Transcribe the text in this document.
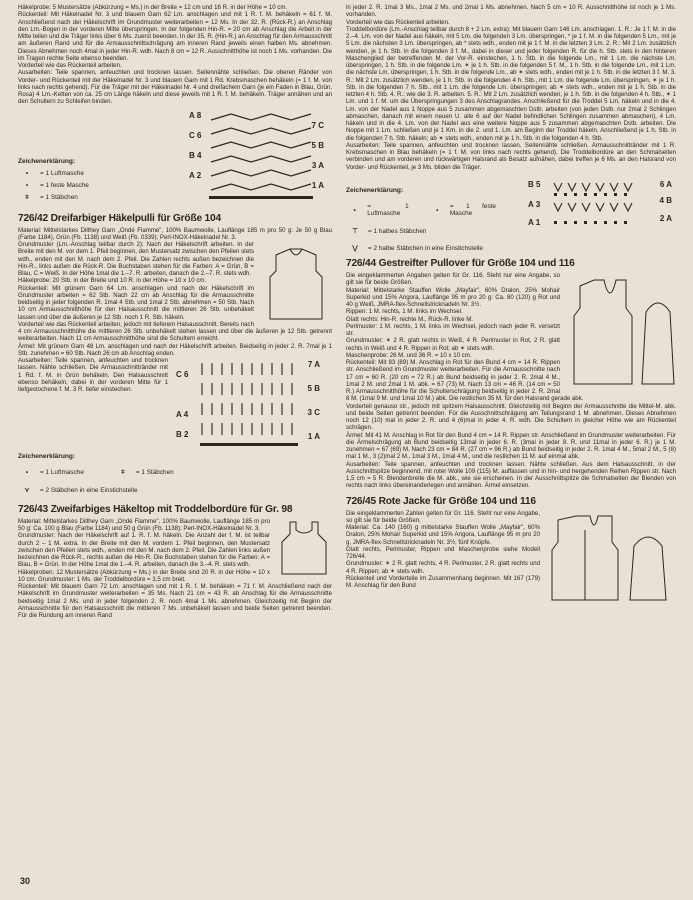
Häkelprobe: 5 Mustersätze (Abkürzung = Ms.) in der Breite = 12 cm und 16 R. in der Höhe = 10 cm.

Rückenteil: Mit Häkelnadel Nr. 3 und blauem Garn 62 Lm. anschlagen und mit 1 R. f. M. behäkeln = 61 f. M. Anschließend nach der Häkelschrift im Grundmuster weiterarbeiten = 12 Ms. In der 32. R. (Rück-R.) an Anschlag den Lm.-Bogen in der vorderen Mitte überspringen. In der folgenden Hin-R. = 20 cm ab Anschlag die Arbeit in der Mitte teilen und die Träger links über 6 Ms. zuerst beenden. In der 35. R. (Hin-R.) an Anschlag für den Armausschnitt am äußeren Rand und für die Armausschnittschrägung am inneren Rand jeweils einen halben Ms. abnehmen. Dieses Abnehmen noch 4mal in jeder Hin-R. wdh. Nach 8 cm = 12 R. Ausschnitthöhe ist noch 1 Ms. vorhanden. Die im Tragen rechte Seite ebenso beenden.

Vorderteil wie das Rückenteil arbeiten.

Ausarbeiten: Teile spannen, anfeuchten und trocknen lassen. Seitennähte schließen. Die oberen Ränder von Vorder- und Rückenteil mit der Häkelnadel Nr. 3 und blauem Garn mit 1 Rd. Krebsmaschen behäkeln (= 1 f. M. von links nach rechts gehend). Für die Träger mit der Häkelnadel Nr. 4 und dreifachem Garn (je ein Faden in Blau, Grün, Rosa) 4 Lm.-Ketten von ca. 25 cm Länge häkeln und diese jeweils mit 1 R. f. M. behäkeln. Träger annähen und an den Schultern zu Schleifen binden.

Zeichenerklärung:
•	= 1 Luftmasche
▪	= 1 feste Masche
ǂ	= 1 Stäbchen
A 8
C 6
B 4
A 2
7 C
5 B
3 A
1 A
726/42 Dreifarbiger Häkelpulli für Größe 104

Material: Mittelstarkes Dilthey Garn „Ondé Flamme", 100% Baumwolle, Lauflänge 185 m pro 50 g: Je 50 g Blau (Farbe 1184), Grün (Fb. 1138) und Weiß (Fb. 0339); Perl-INOX-Häkelnadel Nr. 3.

Grundmuster (Lm.-Anschlag teilbar durch 2): Nach der Häkelschrift arbeiten. In der Breite mit den M. vor dem 1. Pfeil beginnen, den Mustersatz zwischen den Pfeilen stets wdh., enden mit den M. nach dem 2. Pfeil. Die Zahlen rechts außen bezeichnen die Hin-R., links außen die Rück-R. Die Buchstaben stehen für die Farben: A = Grün, B = Blau, C = Weiß. In der Höhe 1mal die 1.–7. R. arbeiten, danach die 2.–7. R. stets wdh.

Häkelprobe: 20 Stb. in der Breite und 10 R. in der Höhe = 10 x 10 cm.

Rückenteil: Mit grünem Garn 64 Lm. anschlagen und nach der Häkelschrift im Grundmuster arbeiten = 62 Stb. Nach 22 cm ab Anschlag für die Armausschnitte beidseitig in jeder folgenden R. 1mal 4 Stb. und 1mal 2 Stb. abnehmen = 50 Stb. Nach 10 cm Armausschnitthöhe für den Halsausschnitt die mittleren 26 Stb. unbehäkelt lassen und über die äußeren je 12 Stb. noch 1 R. Stb. häkeln.

Vorderteil wie das Rückenteil arbeiten, jedoch mit tieferem Halsausschnitt. Bereits nach 4 cm Armausschnitthöhe die mittleren 26 Stb. unbehäkelt stehen lassen und über die äußeren je 12 Stb. getrennt weiterarbeiten. Nach 11 cm Armausschnitthöhe sind die Schultern erreicht.

Ärmel: Mit grünem Garn 48 Lm. anschlagen und nach der Häkelschrift arbeiten. Beidseitig in jeder 2. R. 7mal je 1 Stb. zunehmen = 60 Stb. Nach 26 cm ab Anschlag enden.

Ausarbeiten: Teile spannen, anfeuchten und trocknen lassen. Nähte schließen. Die Armausschnittränder mit 1 Rd. f. M. in Grün behäkeln. Den Halsausschnitt ebenso behäkeln, dabei in der vorderen Mitte für 1 tiefgestochene f. M. 3 R. tiefer einstechen.

C 6
A 4
B 2
7 A
5 B
3 C
1 A
Zeichenerklärung:
•	= 1 Luftmasche	ǂ	= 1 Stäbchen
⋎	= 2 Stäbchen in eine Einstichstelle
726/43 Zweifarbiges Häkeltop mit Troddelbordüre für Gr. 98

Material: Mittelstarkes Dilthey Garn „Ondé Flamme", 100% Baumwolle, Lauflänge 185 m pro 50 g: Ca. 100 g Blau (Farbe 1184) und 50 g Grün (Fb. 1138); Perl-INOX-Häkelnadel Nr. 3.

Grundmuster: Nach der Häkelschrift auf 1. R. f. M. häkeln. Die Anzahl der f. M. ist teilbar durch 2 – 1 M. extra. In der Breite mit den M. vordem 1. Pfeil beginnen, den Mustersatz zwischen den Pfeilen stets wdh., enden mit den M. nach dem 2. Pfeil. Die Zahlen links außen bezeichnen die Rück-R., rechts außen die Hin-R. Die Buchstaben stehen für die Farben: A = Blau, B = Grün. In der Höhe 1mal die 1.–4. R. arbeiten, danach die 3.–4. R. stets wdh.

Häkelproben: 12 Mustersätze (Abkürzung = Ms.) in der Breite sind 20 R. in der Höhe = 10 x 10 cm. Grundmuster: 1 Ms. der Troddelbordüre = 3,5 cm breit.

Rückenteil: Mit blauem Garn 72 Lm. anschlagen und mit 1 R. f. M. behäkeln = 71 f. M. Anschließend nach der Häkelschrift im Grundmuster weiterarbeiten = 35 Ms. Nach 21 cm = 43 R. ab Anschlag für die Armausschnitte beidseitig 1mal 2 Ms. und in jeder folgenden 2. R. noch 4mal 1 Ms. abnehmen. Gleichzeitig mit Beginn der Armausschnitte für den Halsausschnitt die mittleren 7 Ms. unbehäkelt lassen und beide Seiten getrennt beenden. Für die Rundung am inneren Rand

in jeder 2. R. 1mal 3 Ms., 1mal 2 Ms. und 2mal 1 Ms. abnehmen. Nach 5 cm = 10 R. Ausschnitthöhe ist noch je 1 Ms. vorhanden.

Vorderteil wie das Rückenteil arbeiten.

Troddelbordüre (Lm.-Anschlag teilbar durch 8 + 2 Lm. extra): Mit blauem Garn 146 Lm. anschlagen. 1. R.: Je 1 f. M. in die 2.–4. Lm. von der Nadel aus häkeln, mit 5 Lm. die folgenden 3 Lm. überspringen, * je 1 f. M. in die folgenden 5 Lm., mit je 5 Lm. die nächsten 3 Lm. überspringen, ab * stets wdh., enden mit je 1 f. M. in die letzten 3 Lm. 2. R.: Mit 2 Lm. zusätzlich wenden, je 1 h. Stb. in die folgenden 3 f. M., dabei in dieser und jeder folgenden R. für die h. Stb. stets in den hinteren Maschenglied der betreffenden M. der Vor-R. einstechen, 1 h. Stb. in die folgende Lm., mit 1 Lm. die nächste Lm. überspringen, 1 h. Stb. in die folgende Lm. ✶ je 1 h. Stb. in die folgenden 5 f. M., 1 h. Stb. in die folgende Lm., mit 1 Lm. die nächste Lm. überspringen, 1 h. Stb. in die folgende Lm., ab ✶ stets wdh., enden mit je 1 h. Stb. in die letzten 3 f. M. 3. R.: Mit 2 Lm. zusätzlich wenden, je 1 h. Stb. in die folgenden 4 h. Stb., mit 1 Lm. die folgende Lm. überspringen, ✶ je 1 h. Stb. in die folgenden 7 h. Stb., mit 1 Lm. die folgende Lm. überspringen; ab ✶ stets wdh., enden mit je 1 h. Stb. in die letzten 4 h. Stb. 4. R.: wie die 3. R. arbeiten. 5. R.: Mit 2 Lm. zusätzlich wenden, je 1 h. Stb. in die folgenden 4 h. Stb., ✶ 1 Lm. und 1 f. M. um die Überspringungen 3 des Anschlagrandes. Anschließend für die Troddel 5 Lm. häkeln und in die 4. Lm. von der Nadel aus 1 Noppe aus 5 zusammen abgemaschten Dstb. arbeiten (von jeden Dstb. nur 2mal 2 Schlingen abmaschen, danach mit einem neuen U. alle 6 auf der Nadel befindlichen Schlingen zusammen abmaschen), 4 Lm. häkeln und in die 4. Lm. von der Nadel aus eine weitere Noppe aus 5 zusammen abgemaschten Dstb. arbeiten. Die Noppe mit 1 Lm. schließen und je 1 Km. in die 2. und 1. Lm. am Beginn der Troddel häkeln. Anschließend je 1 h. Stb. in die folgenden 7 h. Stb. häkeln; ab ✶ stets wdh., enden mit je 1 h. Stb. in die folgenden 4 h. Stb.

Ausarbeiten: Teile spannen, anfeuchten und trocknen lassen. Seitennähte schließen. Armausschnittränder mit 1 R. Krebsmaschen in Blau behäkeln (= 1 f. M. von links nach rechts gehend). Die Troddelbordüre an den Schmalseiten verbinden und am vorderen und rückwärtigen Halsrand als Besatz aufnähen, dabei treffen je 6 Ms. an den Halsrand von Vorder- und Rückenteil, je 3 Ms. bilden die Träger.

Zeichenerklärung:
•
= 1 Luftmasche
▪
= 1 feste Masche
⊤	= 1 halbes Stäbchen
B 5
A 3
A 1
6 A
4 B
2 A
⋁	= 2 halbe Stäbchen in eine Einstichstelle
726/44 Gestreifter Pullover für Größe 104 und 116

Die eingeklammerten Angaben gelten für Gr. 116. Steht nur eine Angabe, so gilt sie für beide Größen.

Material: Mittelstarke Stauffen Wolle „Mayfair", 60% Dralon, 25% Mohair Superkid und 15% Angora, Lauflänge 95 m pro 20 g: Ca. 80 (120) g Rot und 40 g Weiß, JMRA-flex-Schnellstricknadeln Nr. 3½.

Rippen: 1 M. rechts, 1 M. links im Wechsel.

Glatt rechts: Hin-R. rechte M., Rück-R. linke M.

Perlmuster: 1 M. rechts, 1 M. links im Wechsel, jedoch nach jeder R. versetzt str.

Grundmuster: ✶ 2 R. glatt rechts in Weiß, 4 R. Perlmuster in Rot, 2 R. glatt rechts in Weiß und 4 R. Rippen in Rot; ab ✶ stets wdh.

Maschenprobe: 26 M. und 36 R. = 10 x 10 cm.

Rückenteil: Mit 83 (89) M. Anschlag in Rot für den Bund 4 cm = 14 R. Rippen str. Anschließend im Grundmuster weiterarbeiten. Für die Armausschnitte nach 17 cm = 60 R. (20 cm = 72 R.) ab Bund beidseitig in jeder 2. R. 2mal 4 M., 1mal 2 M. und 2mal 1 M. abk. = 67 (73) M. Nach 13 cm = 46 R. (14 cm = 50 R.) Armausschnitthöhe für die Schulterschrägung beidseitig in jeder 2. R. 2mal 8 M. (1mal 9 M. und 1mal 10 M.) abk. Die restlichen 35 M. für den Halsrand gerade abk.

Vorderteil genauso str., jedoch mit spitzem Halsausschnitt. Gleichzeitig mit Beginn der Armausschnitte die Mittel-M. abk. und beide Seiten getrennt beenden. Für die Ausschnittschrägung am Teilungsrand 1 M. abnehmen. Dieses Abnehmen noch 12 (10) mal in jeder 2. R. und 4 (6)mal in jeder 4. R. wdh. Die Schultern in gleicher Höhe wie am Rückenteil schrägen.

Ärmel: Mit 41 M. Anschlag in Rot für den Bund 4 cm = 14 R. Rippen str. Anschließend im Grundmuster weiterarbeiten. Für die Ärmelschrägung ab Bund beidseitig 13mal in jeder 6. R. (3mal in jeder 8. R. und 11mal in jeder 6. R.) je 1 M. zunehmen = 67 (69) M. Nach 23 cm = 84 R. (27 cm = 96 R.) ab Bund beidseitig in jeder 2. R. 1mal 4 M., 5mal 2 M., 5 (8) mal 1 M., 3 (2)mal 2 M., 1mal 3 M., 1mal 4 M., und die restlichen 11 M. auf einmal abk.

Ausarbeiten: Teile spannen, anfeuchten und trocknen lassen. Nähte schließen. Aus dem Halsausschnitt, in der Ausschnittspitze beginnend, mit roter Wolle 109 (115) M. auffassen und in hin- und hergehenden Reihen Rippen str. Nach 1,5 cm = 5 R. Blendenbreite die M. abk., wie sie erscheinen. In der Ausschnittspitze die Schmalseiten der Blenden von rechts nach links übereinanderlegen und annähen. Ärmel einsetzen.

726/45 Rote Jacke für Größe 104 und 116

Die eingeklammerten Zahlen gelten für Gr. 116. Steht nur eine Angabe, so gilt sie für beide Größen.

Material: Ca. 140 (160) g mittelstarke Stauffen Wolle „Mayfair", 60% Dralon, 25% Mohair Superkid und 15% Angora, Lauflänge 95 m pro 20 g, JMRA-flex-Schnellstricknadeln Nr. 3½, fünf Knöpfe.

Glatt rechts, Perlmuster, Rippen und Maschenprobe siehe Modell 726/44.

Grundmuster: ✶ 2 R. glatt rechts, 4 R. Perlmuster, 2 R. glatt rechts und 4 R. Rippen; ab ✶ stets wdh.

Rückenteil und Vorderteile im Zusammenhang beginnen. Mit 167 (179) M. Anschlag für den Bund

30
